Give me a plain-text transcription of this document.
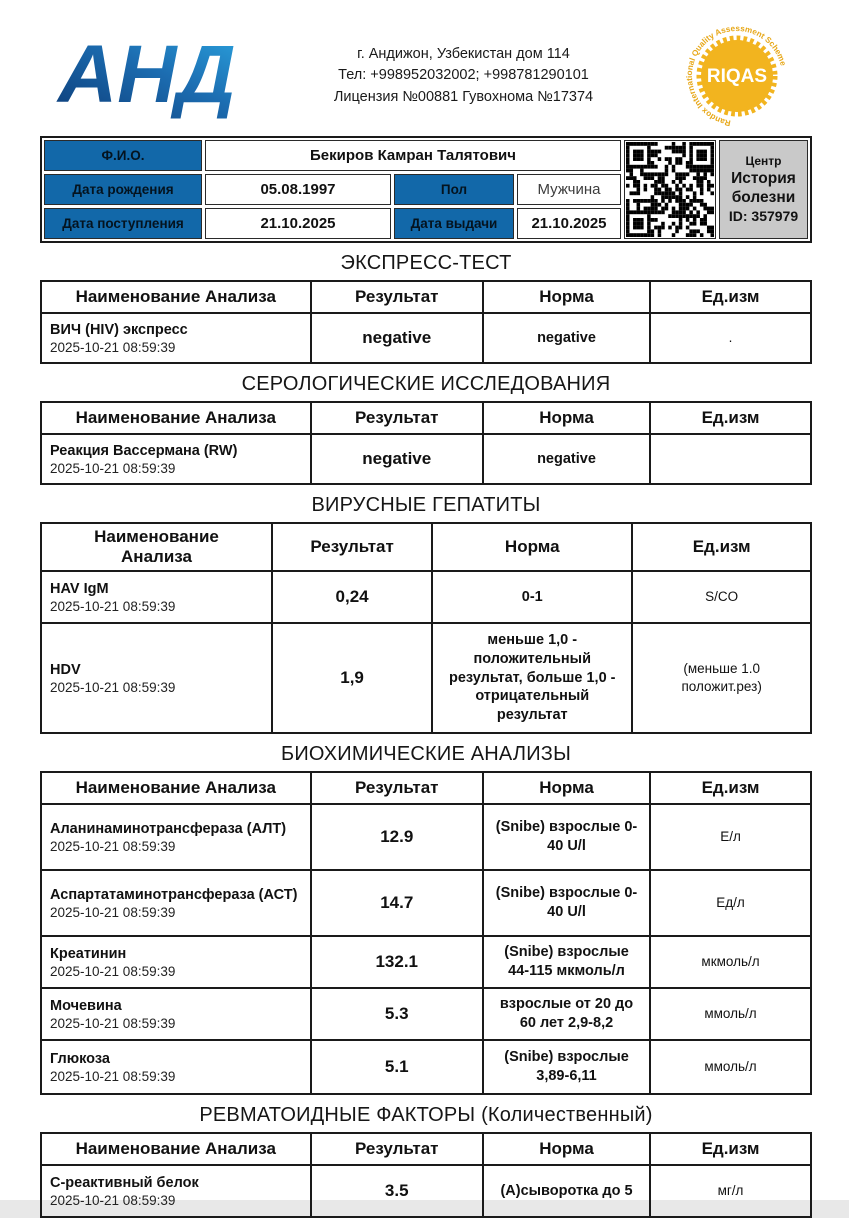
АНД	г. Андижон, Узбекистан дом 114
Тел: +998952032002; +998781290101
Лицензия №00881 Гувохнома №17374
Randox International Quality Assessment Scheme
RIQAS
Ф.И.О.	Бекиров Камран Талятович
Дата рождения	05.08.1997	Пол	Мужчина
Дата поступления	21.10.2025	Дата выдачи	21.10.2025
Центр
История
болезни
ID: 357979
ЭКСПРЕСС-ТЕСТ
Наименование Анализа	Результат	Норма	Ед.изм

ВИЧ (HIV) экспресс
2025-10-21 08:59:39	negative	negative	.
СЕРОЛОГИЧЕСКИЕ ИССЛЕДОВАНИЯ
Наименование Анализа	Результат	Норма	Ед.изм

Реакция Вассермана (RW)
2025-10-21 08:59:39	negative	negative	
ВИРУСНЫЕ ГЕПАТИТЫ
Наименование Анализа	Результат	Норма	Ед.изм

HAV IgM
2025-10-21 08:59:39	0,24	0-1	S/CO

HDV
2025-10-21 08:59:39	1,9	меньше 1,0 - положительный результат, больше 1,0 - отрицательный результат	(меньше 1.0 положит.рез)
БИОХИМИЧЕСКИЕ АНАЛИЗЫ
Наименование Анализа	Результат	Норма	Ед.изм

Аланинаминотрансфераза (АЛТ)
2025-10-21 08:59:39	12.9	(Snibe) взрослые 0-40 U/l	Е/л

Аспартатаминотрансфераза (АСТ)
2025-10-21 08:59:39	14.7	(Snibe) взрослые 0-40 U/l	Ед/л

Креатинин
2025-10-21 08:59:39	132.1	(Snibe) взрослые 44-115 мкмоль/л	мкмоль/л

Мочевина
2025-10-21 08:59:39	5.3	взрослые от 20 до 60 лет 2,9-8,2	ммоль/л

Глюкоза
2025-10-21 08:59:39	5.1	(Snibe) взрослые 3,89-6,11	ммоль/л
РЕВМАТОИДНЫЕ ФАКТОРЫ (Количественный)
Наименование Анализа	Результат	Норма	Ед.изм

С-реактивный белок
2025-10-21 08:59:39	3.5	(А)сыворотка до 5	мг/л
